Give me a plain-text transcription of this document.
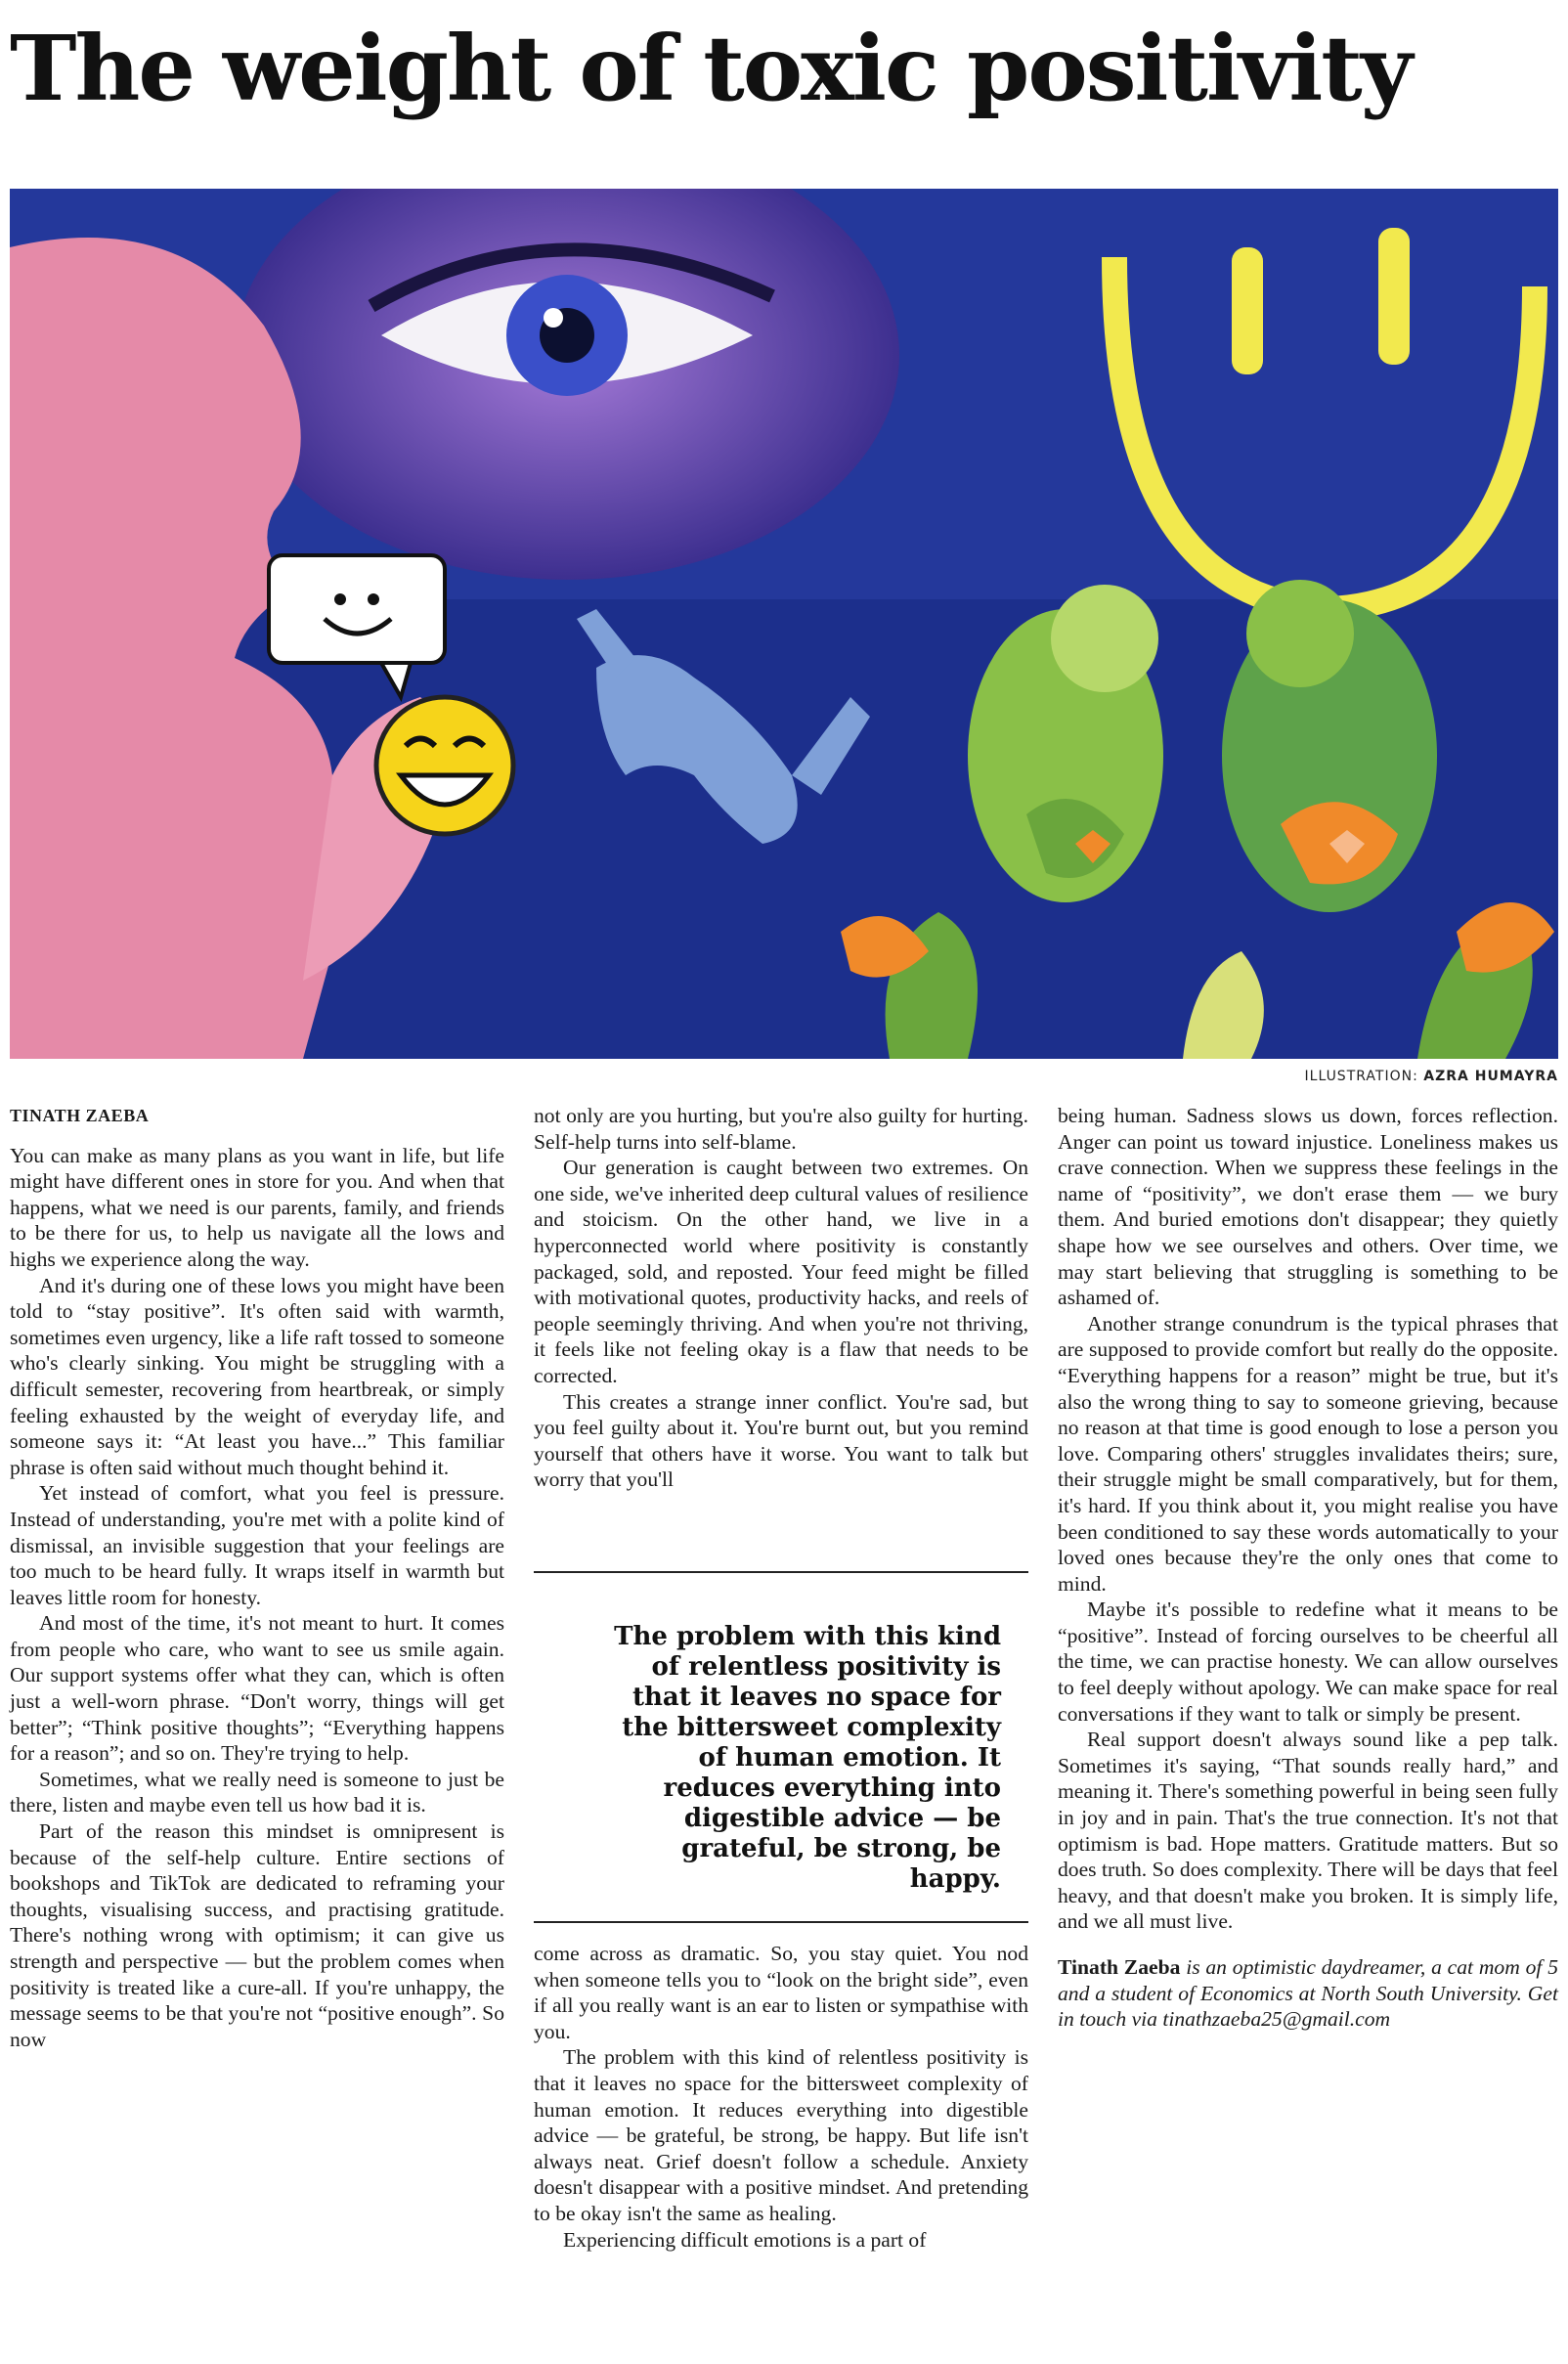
The weight of toxic positivity
ILLUSTRATION: AZRA HUMAYRA
TINATH ZAEBA

You can make as many plans as you want in life, but life might have different ones in store for you. And when that happens, what we need is our parents, family, and friends to be there for us, to help us navigate all the lows and highs we experience along the way.

And it's during one of these lows you might have been told to “stay positive”. It's often said with warmth, sometimes even urgency, like a life raft tossed to someone who's clearly sinking. You might be struggling with a difficult semester, recovering from heartbreak, or simply feeling exhausted by the weight of everyday life, and someone says it: “At least you have...” This familiar phrase is often said without much thought behind it.

Yet instead of comfort, what you feel is pressure. Instead of understanding, you're met with a polite kind of dismissal, an invisible suggestion that your feelings are too much to be heard fully. It wraps itself in warmth but leaves little room for honesty.

And most of the time, it's not meant to hurt. It comes from people who care, who want to see us smile again. Our support systems offer what they can, which is often just a well-worn phrase. “Don't worry, things will get better”; “Think positive thoughts”; “Everything happens for a reason”; and so on. They're trying to help.

Sometimes, what we really need is someone to just be there, listen and maybe even tell us how bad it is.

Part of the reason this mindset is omnipresent is because of the self-help culture. Entire sections of bookshops and TikTok are dedicated to reframing your thoughts, visualising success, and practising gratitude. There's nothing wrong with optimism; it can give us strength and perspective — but the problem comes when positivity is treated like a cure-all. If you're unhappy, the message seems to be that you're not “positive enough”. So now

not only are you hurting, but you're also guilty for hurting. Self-help turns into self-blame.

Our generation is caught between two extremes. On one side, we've inherited deep cultural values of resilience and stoicism. On the other hand, we live in a hyperconnected world where positivity is constantly packaged, sold, and reposted. Your feed might be filled with motivational quotes, productivity hacks, and reels of people seemingly thriving. And when you're not thriving, it feels like not feeling okay is a flaw that needs to be corrected.

This creates a strange inner conflict. You're sad, but you feel guilty about it. You're burnt out, but you remind yourself that others have it worse. You want to talk but worry that you'll

The problem with this kind of relentless positivity is that it leaves no space for the bittersweet complexity of human emotion. It reduces everything into digestible advice — be grateful, be strong, be happy.

come across as dramatic. So, you stay quiet. You nod when someone tells you to “look on the bright side”, even if all you really want is an ear to listen or sympathise with you.

The problem with this kind of relentless positivity is that it leaves no space for the bittersweet complexity of human emotion. It reduces everything into digestible advice — be grateful, be strong, be happy. But life isn't always neat. Grief doesn't follow a schedule. Anxiety doesn't disappear with a positive mindset. And pretending to be okay isn't the same as healing.

Experiencing difficult emotions is a part of

being human. Sadness slows us down, forces reflection. Anger can point us toward injustice. Loneliness makes us crave connection. When we suppress these feelings in the name of “positivity”, we don't erase them — we bury them. And buried emotions don't disappear; they quietly shape how we see ourselves and others. Over time, we may start believing that struggling is something to be ashamed of.

Another strange conundrum is the typical phrases that are supposed to provide comfort but really do the opposite. “Everything happens for a reason” might be true, but it's also the wrong thing to say to someone grieving, because no reason at that time is good enough to lose a person you love. Comparing others' struggles invalidates theirs; sure, their struggle might be small comparatively, but for them, it's hard. If you think about it, you might realise you have been conditioned to say these words automatically to your loved ones because they're the only ones that come to mind.

Maybe it's possible to redefine what it means to be “positive”. Instead of forcing ourselves to be cheerful all the time, we can practise honesty. We can allow ourselves to feel deeply without apology. We can make space for real conversations if they want to talk or simply be present.

Real support doesn't always sound like a pep talk. Sometimes it's saying, “That sounds really hard,” and meaning it. There's something powerful in being seen fully in joy and in pain. That's the true connection. It's not that optimism is bad. Hope matters. Gratitude matters. But so does truth. So does complexity. There will be days that feel heavy, and that doesn't make you broken. It is simply life, and we all must live.

Tinath Zaeba is an optimistic daydreamer, a cat mom of 5 and a student of Economics at North South University. Get in touch via tinathzaeba25@gmail.com
